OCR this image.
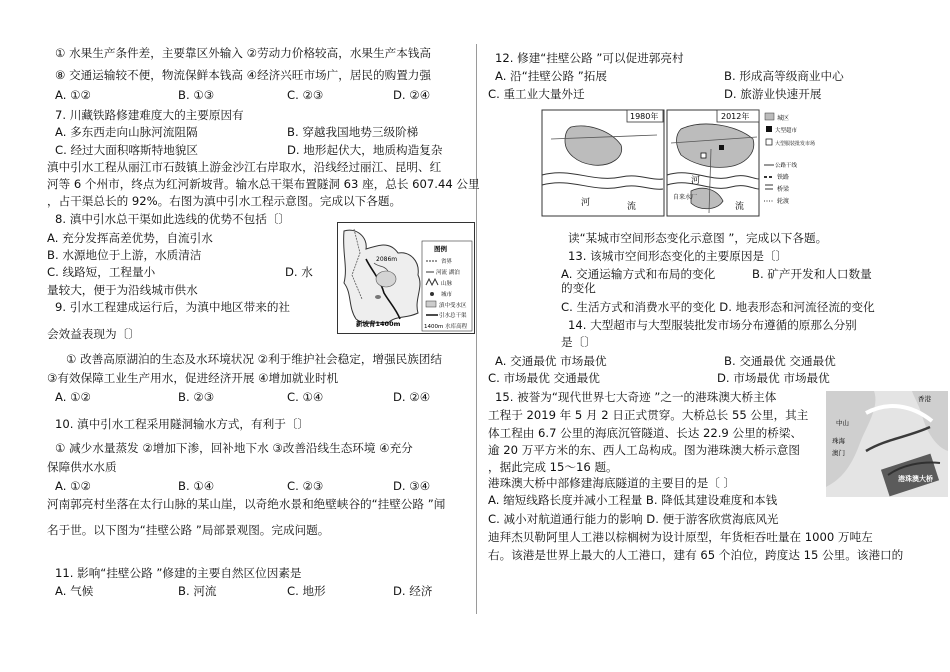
① 水果生产条件差，主要靠区外输入 ②劳动力价格较高，水果生产本钱高
⑧ 交通运输较不便，物流保鲜本钱高 ④经济兴旺市场广，居民的购置力强
A. ①②	B. ①③	C. ②③	D. ②④
7. 川藏铁路修建难度大的主要原因有
A. 多东西走向山脉河流阻隔	B. 穿越我国地势三级阶梯
C. 经过大面积喀斯特地貌区	D. 地形起伏大，地质构造复杂
滇中引水工程从丽江市石鼓镇上游金沙江右岸取水，沿线经过丽江、昆明、红
河等 6 个州市，终点为红河新坡背。输水总干渠布置隧洞 63 座，总长 607.44 公里
，占干渠总长的 92%。右图为滇中引水工程示意图。完成以下各题。
8. 滇中引水总干渠如此选线的优势不包括〔〕
A. 充分发挥高差优势，自流引水
B. 水源地位于上游，水质清洁
C. 线路短，工程量小	D. 水
量较大，便于为沿线城市供水
9. 引水工程建成运行后，为滇中地区带来的社
会效益表现为〔〕
2086m
新坡背1400m
图例
省界
河流 湖泊
山脉
城市
滇中受水区
引水总干渠
1400m 水库高程
① 改善高原湖泊的生态及水环境状况 ②利于维护社会稳定，增强民族团结
③有效保障工业生产用水，促进经济开展 ④增加就业时机
A. ①②	B. ②③	C. ①④	D. ②④
10. 滇中引水工程采用隧洞输水方式，有利于〔〕
① 减少水量蒸发 ②增加下渗，回补地下水 ③改善沿线生态环境 ④充分
保障供水水质
A. ①②	B. ①④	C. ②③	D. ③④
河南郭亮村坐落在太行山脉的某山崖，以奇绝水景和绝壁峡谷的“挂壁公路 ”闻
名于世。以下图为“挂壁公路 ”局部景观图。完成问题。
11. 影响“挂壁公路 ”修建的主要自然区位因素是
A. 气候	B. 河流	C. 地形	D. 经济
12. 修建“挂壁公路 ”可以促进郭亮村
A. 沿“挂壁公路 ”拓展	B. 形成高等级商业中心
C. 重工业大量外迁	D. 旅游业快速开展
1980年	2012年
河	流
自来水厂
河
流
城区
大型超市
大型服装批发市场
公路干线
铁路
桥梁
轮渡
读“某城市空间形态变化示意图 ”，完成以下各题。
13. 该城市空间形态变化的主要原因是〔〕
A. 交通运输方式和布局的变化	B. 矿产开发和人口数量
的变化
C. 生活方式和消费水平的变化 D. 地表形态和河流径流的变化
14. 大型超市与大型服装批发市场分布遵循的原那么分别
是〔〕
A. 交通最优 市场最优	B. 交通最优 交通最优
C. 市场最优 交通最优	D. 市场最优 市场最优
15. 被誉为“现代世界七大奇迹 ”之一的港珠澳大桥主体
工程于 2019 年 5 月 2 日正式贯穿。大桥总长 55 公里，其主
体工程由 6.7 公里的海底沉管隧道、长达 22.9 公里的桥梁、
逾 20 万平方米的东、西人工岛构成。图为港珠澳大桥示意图
，据此完成 15～16 题。
港珠澳大桥中部修建海底隧道的主要目的是〔 〕
中山
珠海
澳门
香港
港珠澳大桥
A. 缩短线路长度并减小工程量 B. 降低其建设难度和本钱
C. 减小对航道通行能力的影响 D. 便于游客欣赏海底风光
迪拜杰贝勒阿里人工港以棕榈树为设计原型，年货柜吞吐量在 1000 万吨左
右。该港是世界上最大的人工港口，建有 65 个泊位，跨度达 15 公里。该港口的
